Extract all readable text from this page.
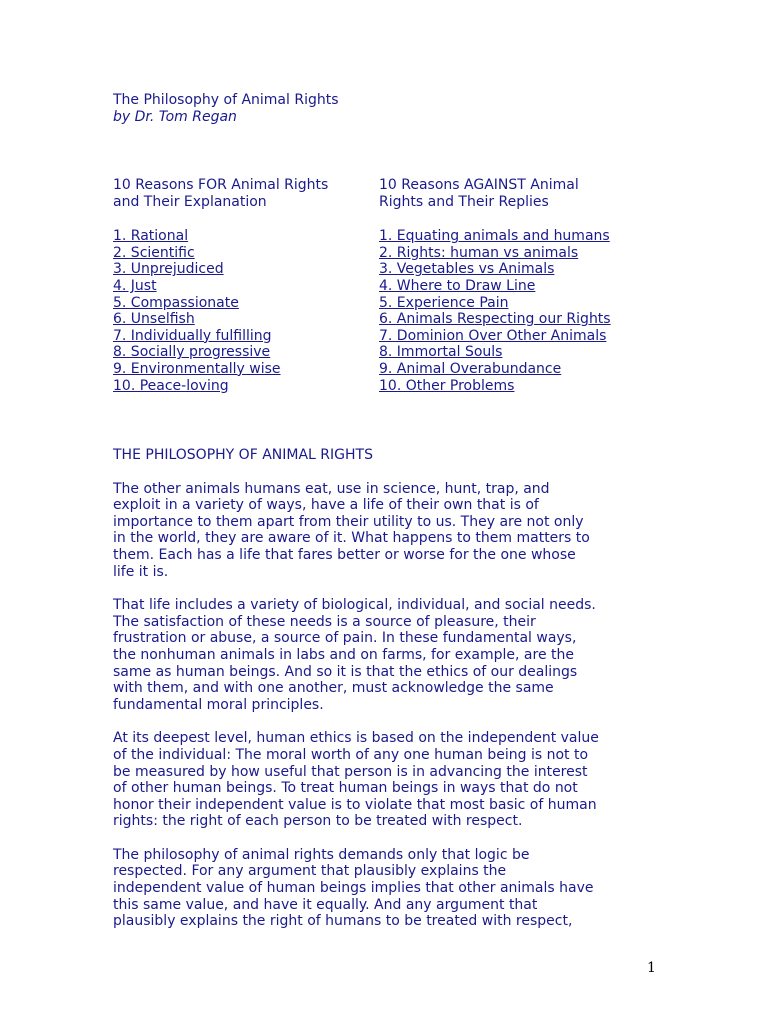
The Philosophy of Animal Rights
by Dr. Tom Regan
10 Reasons FOR Animal Rights
and Their Explanation
1. Rational
2. Scientific
3. Unprejudiced
4. Just
5. Compassionate
6. Unselfish
7. Individually fulfilling
8. Socially progressive
9. Environmentally wise
10. Peace-loving
10 Reasons AGAINST Animal
Rights and Their Replies
1. Equating animals and humans
2. Rights: human vs animals
3. Vegetables vs Animals
4. Where to Draw Line
5. Experience Pain
6. Animals Respecting our Rights
7. Dominion Over Other Animals
8. Immortal Souls
9. Animal Overabundance
10. Other Problems
THE PHILOSOPHY OF ANIMAL RIGHTS
The other animals humans eat, use in science, hunt, trap, and
exploit in a variety of ways, have a life of their own that is of
importance to them apart from their utility to us. They are not only
in the world, they are aware of it. What happens to them matters to
them. Each has a life that fares better or worse for the one whose
life it is.
That life includes a variety of biological, individual, and social needs.
The satisfaction of these needs is a source of pleasure, their
frustration or abuse, a source of pain. In these fundamental ways,
the nonhuman animals in labs and on farms, for example, are the
same as human beings. And so it is that the ethics of our dealings
with them, and with one another, must acknowledge the same
fundamental moral principles.
At its deepest level, human ethics is based on the independent value
of the individual: The moral worth of any one human being is not to
be measured by how useful that person is in advancing the interest
of other human beings. To treat human beings in ways that do not
honor their independent value is to violate that most basic of human
rights: the right of each person to be treated with respect.
The philosophy of animal rights demands only that logic be
respected. For any argument that plausibly explains the
independent value of human beings implies that other animals have
this same value, and have it equally. And any argument that
plausibly explains the right of humans to be treated with respect,
1
